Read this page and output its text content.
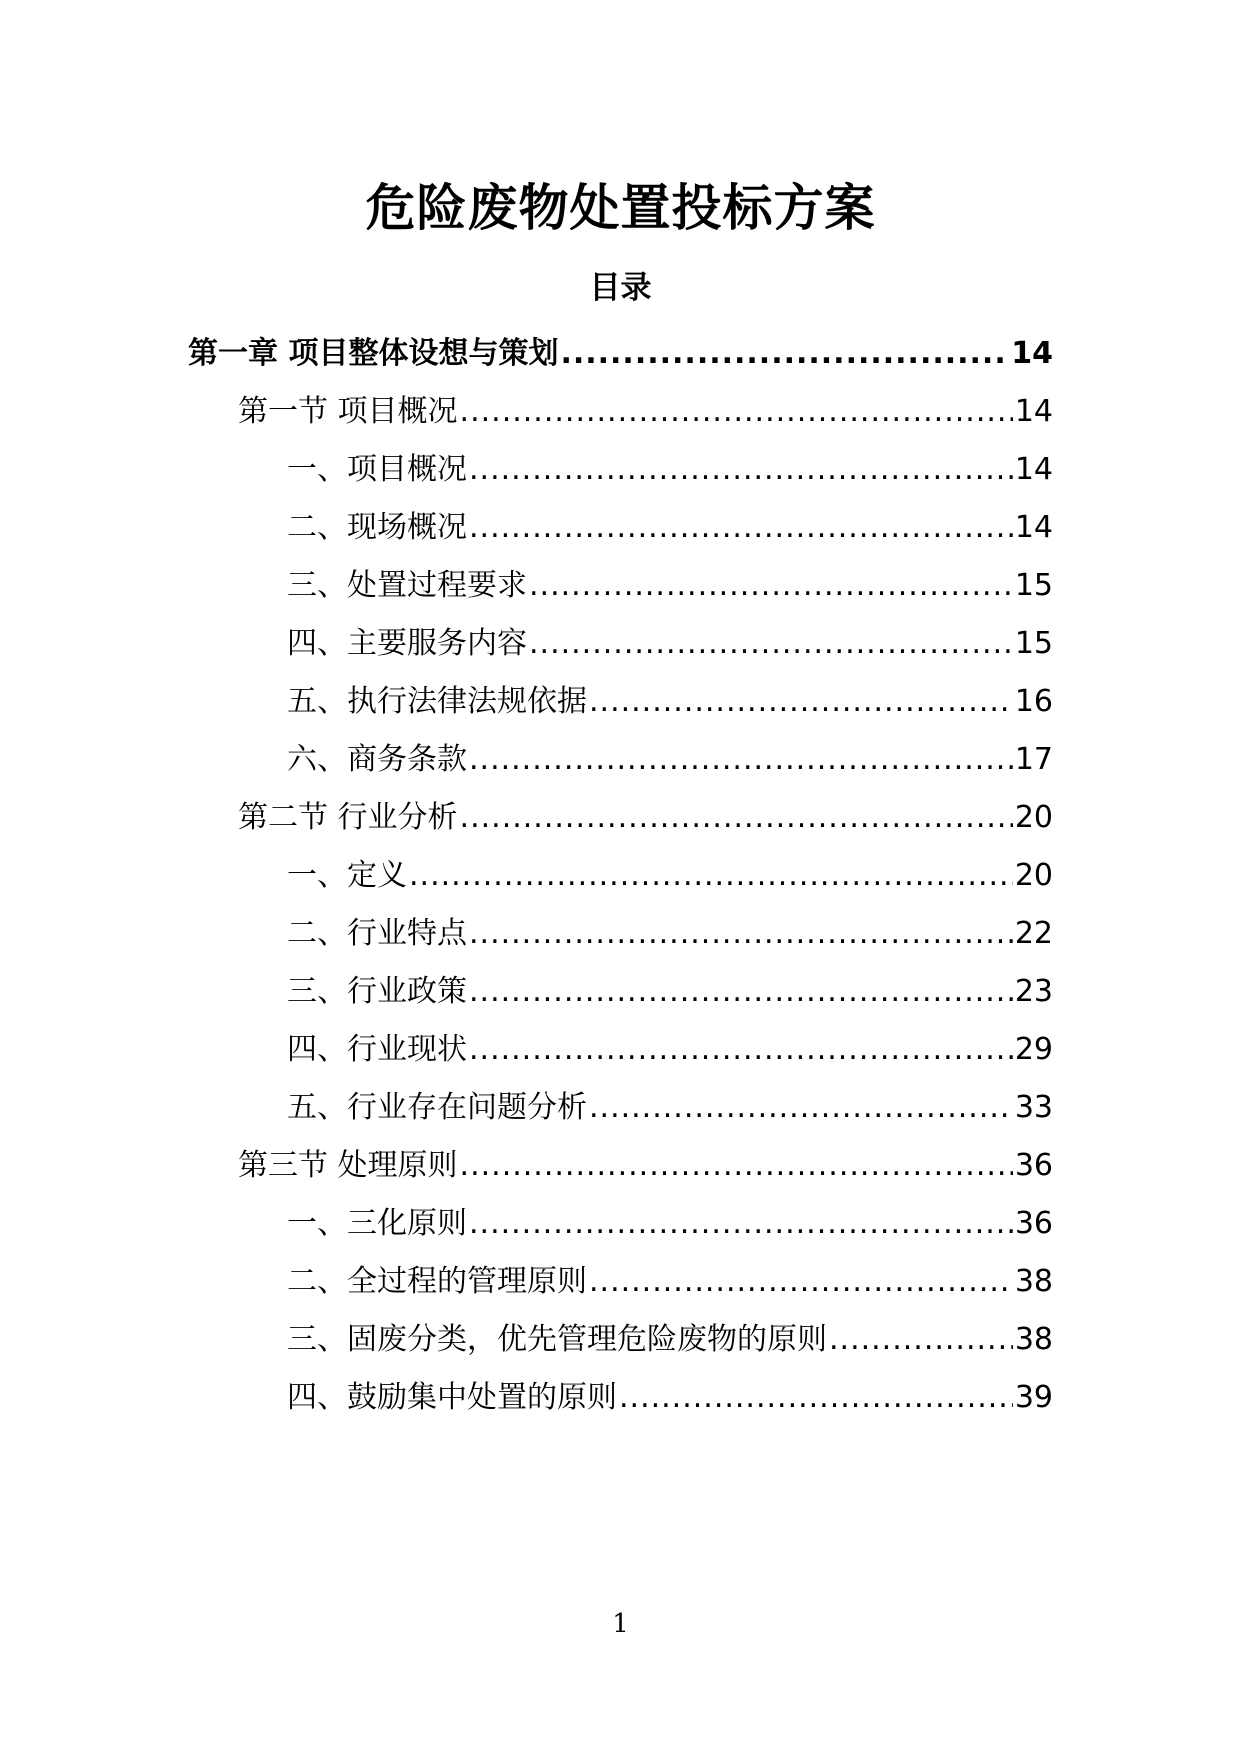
危险废物处置投标方案
目录
第一章 项目整体设想与策划 .....	14
第一节 项目概况 .....	14
一、项目概况 .....	14
二、现场概况 .....	14
三、处置过程要求 .....	15
四、主要服务内容 .....	15
五、执行法律法规依据 .....	16
六、商务条款 .....	17
第二节 行业分析 .....	20
一、定义 .....	20
二、行业特点 .....	22
三、行业政策 .....	23
四、行业现状 .....	29
五、行业存在问题分析 .....	33
第三节 处理原则 .....	36
一、三化原则 .....	36
二、全过程的管理原则 .....	38
三、固废分类，优先管理危险废物的原则 .....	38
四、鼓励集中处置的原则 .....	39
1
